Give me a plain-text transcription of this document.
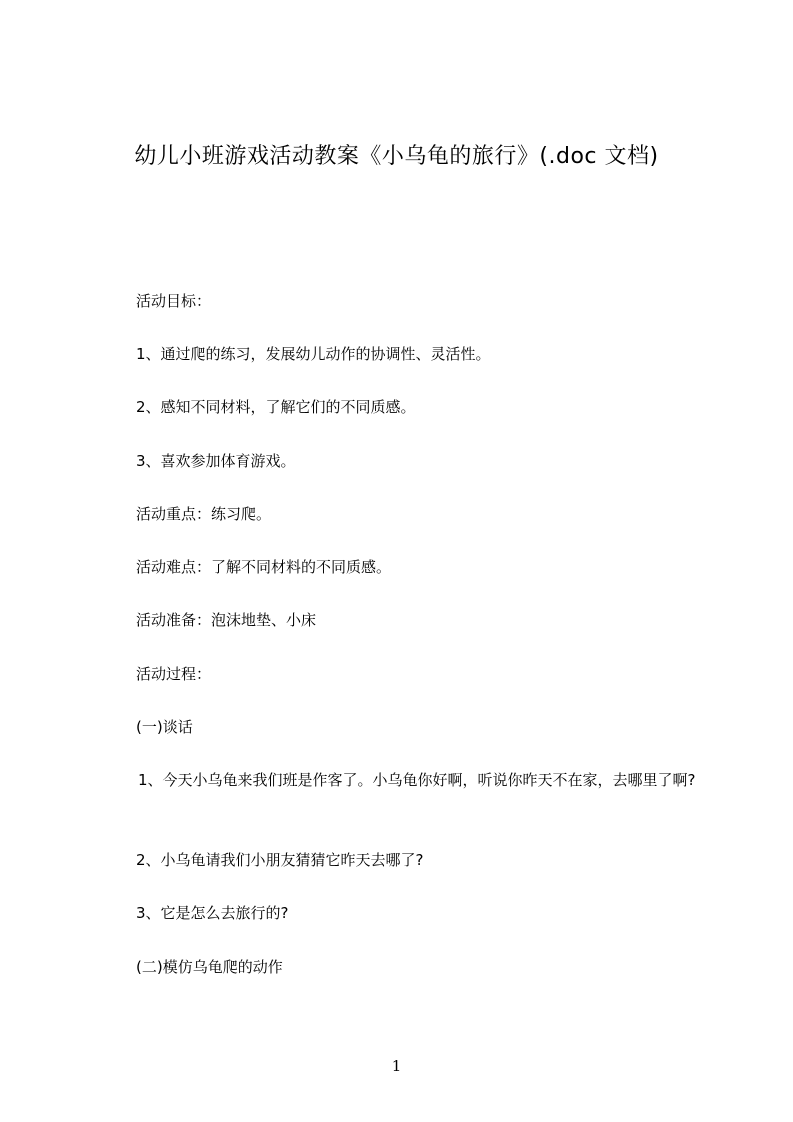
幼儿小班游戏活动教案《小乌龟的旅行》(.doc 文档)
活动目标：
1、通过爬的练习，发展幼儿动作的协调性、灵活性。
2、感知不同材料，了解它们的不同质感。
3、喜欢参加体育游戏。
活动重点：练习爬。
活动难点：了解不同材料的不同质感。
活动准备：泡沫地垫、小床
活动过程：
(一)谈话
1、今天小乌龟来我们班是作客了。小乌龟你好啊，听说你昨天不在家，去哪里了啊?
2、小乌龟请我们小朋友猜猜它昨天去哪了?
3、它是怎么去旅行的?
(二)模仿乌龟爬的动作
1
